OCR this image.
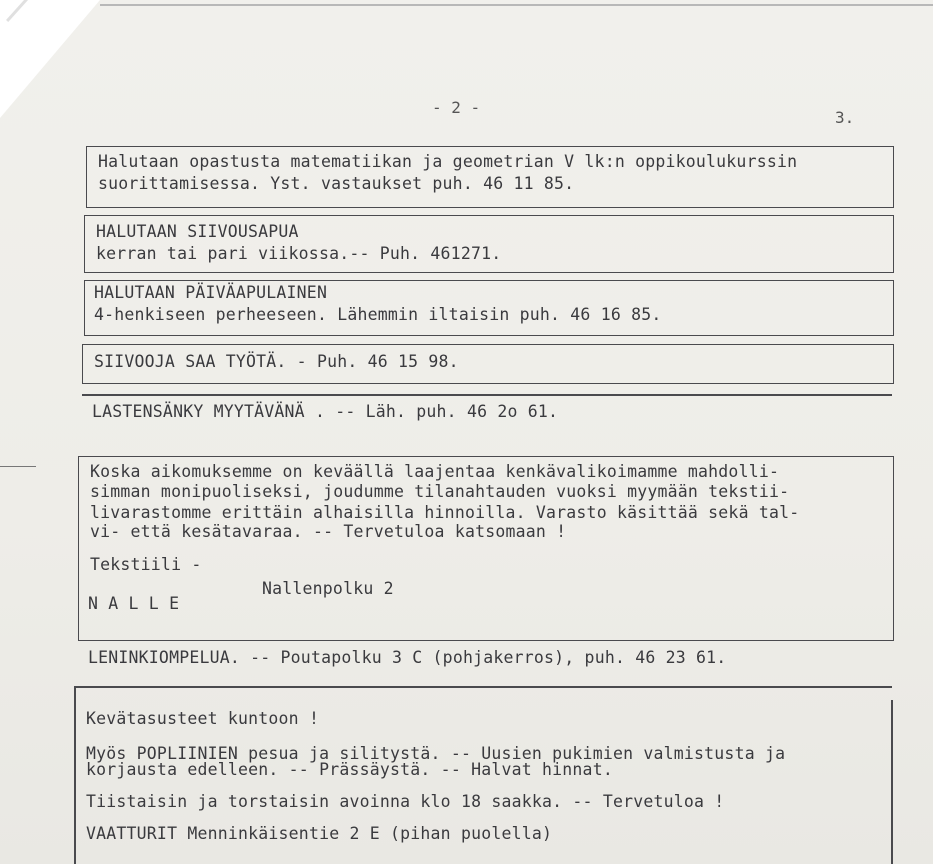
- 2 -
3.
Halutaan opastusta matematiikan ja geometrian V lk:n oppikoulukurssin
suorittamisessa. Yst. vastaukset puh. 46 11 85.
HALUTAAN SIIVOUSAPUA
kerran tai pari viikossa.-- Puh. 461271.
HALUTAAN PÄIVÄAPULAINEN
4-henkiseen perheeseen. Lähemmin iltaisin puh. 46 16 85.
SIIVOOJA SAA TYÖTÄ. - Puh. 46 15 98.
LASTENSÄNKY MYYTÄVÄNÄ . -- Läh. puh. 46 2o 61.
Koska aikomuksemme on keväällä laajentaa kenkävalikoimamme mahdolli-
simman monipuoliseksi, joudumme tilanahtauden vuoksi myymään tekstii-
livarastomme erittäin alhaisilla hinnoilla. Varasto käsittää sekä tal-
vi- että kesätavaraa. -- Tervetuloa katsomaan !
Tekstiili -
Nallenpolku 2
N A L L E
LENINKIOMPELUA. -- Poutapolku 3 C (pohjakerros), puh. 46 23 61.
Kevätasusteet kuntoon !
Myös POPLIINIEN pesua ja silitystä. -- Uusien pukimien valmistusta ja
korjausta edelleen. -- Prässäystä. -- Halvat hinnat.
Tiistaisin ja torstaisin avoinna klo 18 saakka. -- Tervetuloa !
VAATTURIT Menninkäisentie 2 E (pihan puolella)
